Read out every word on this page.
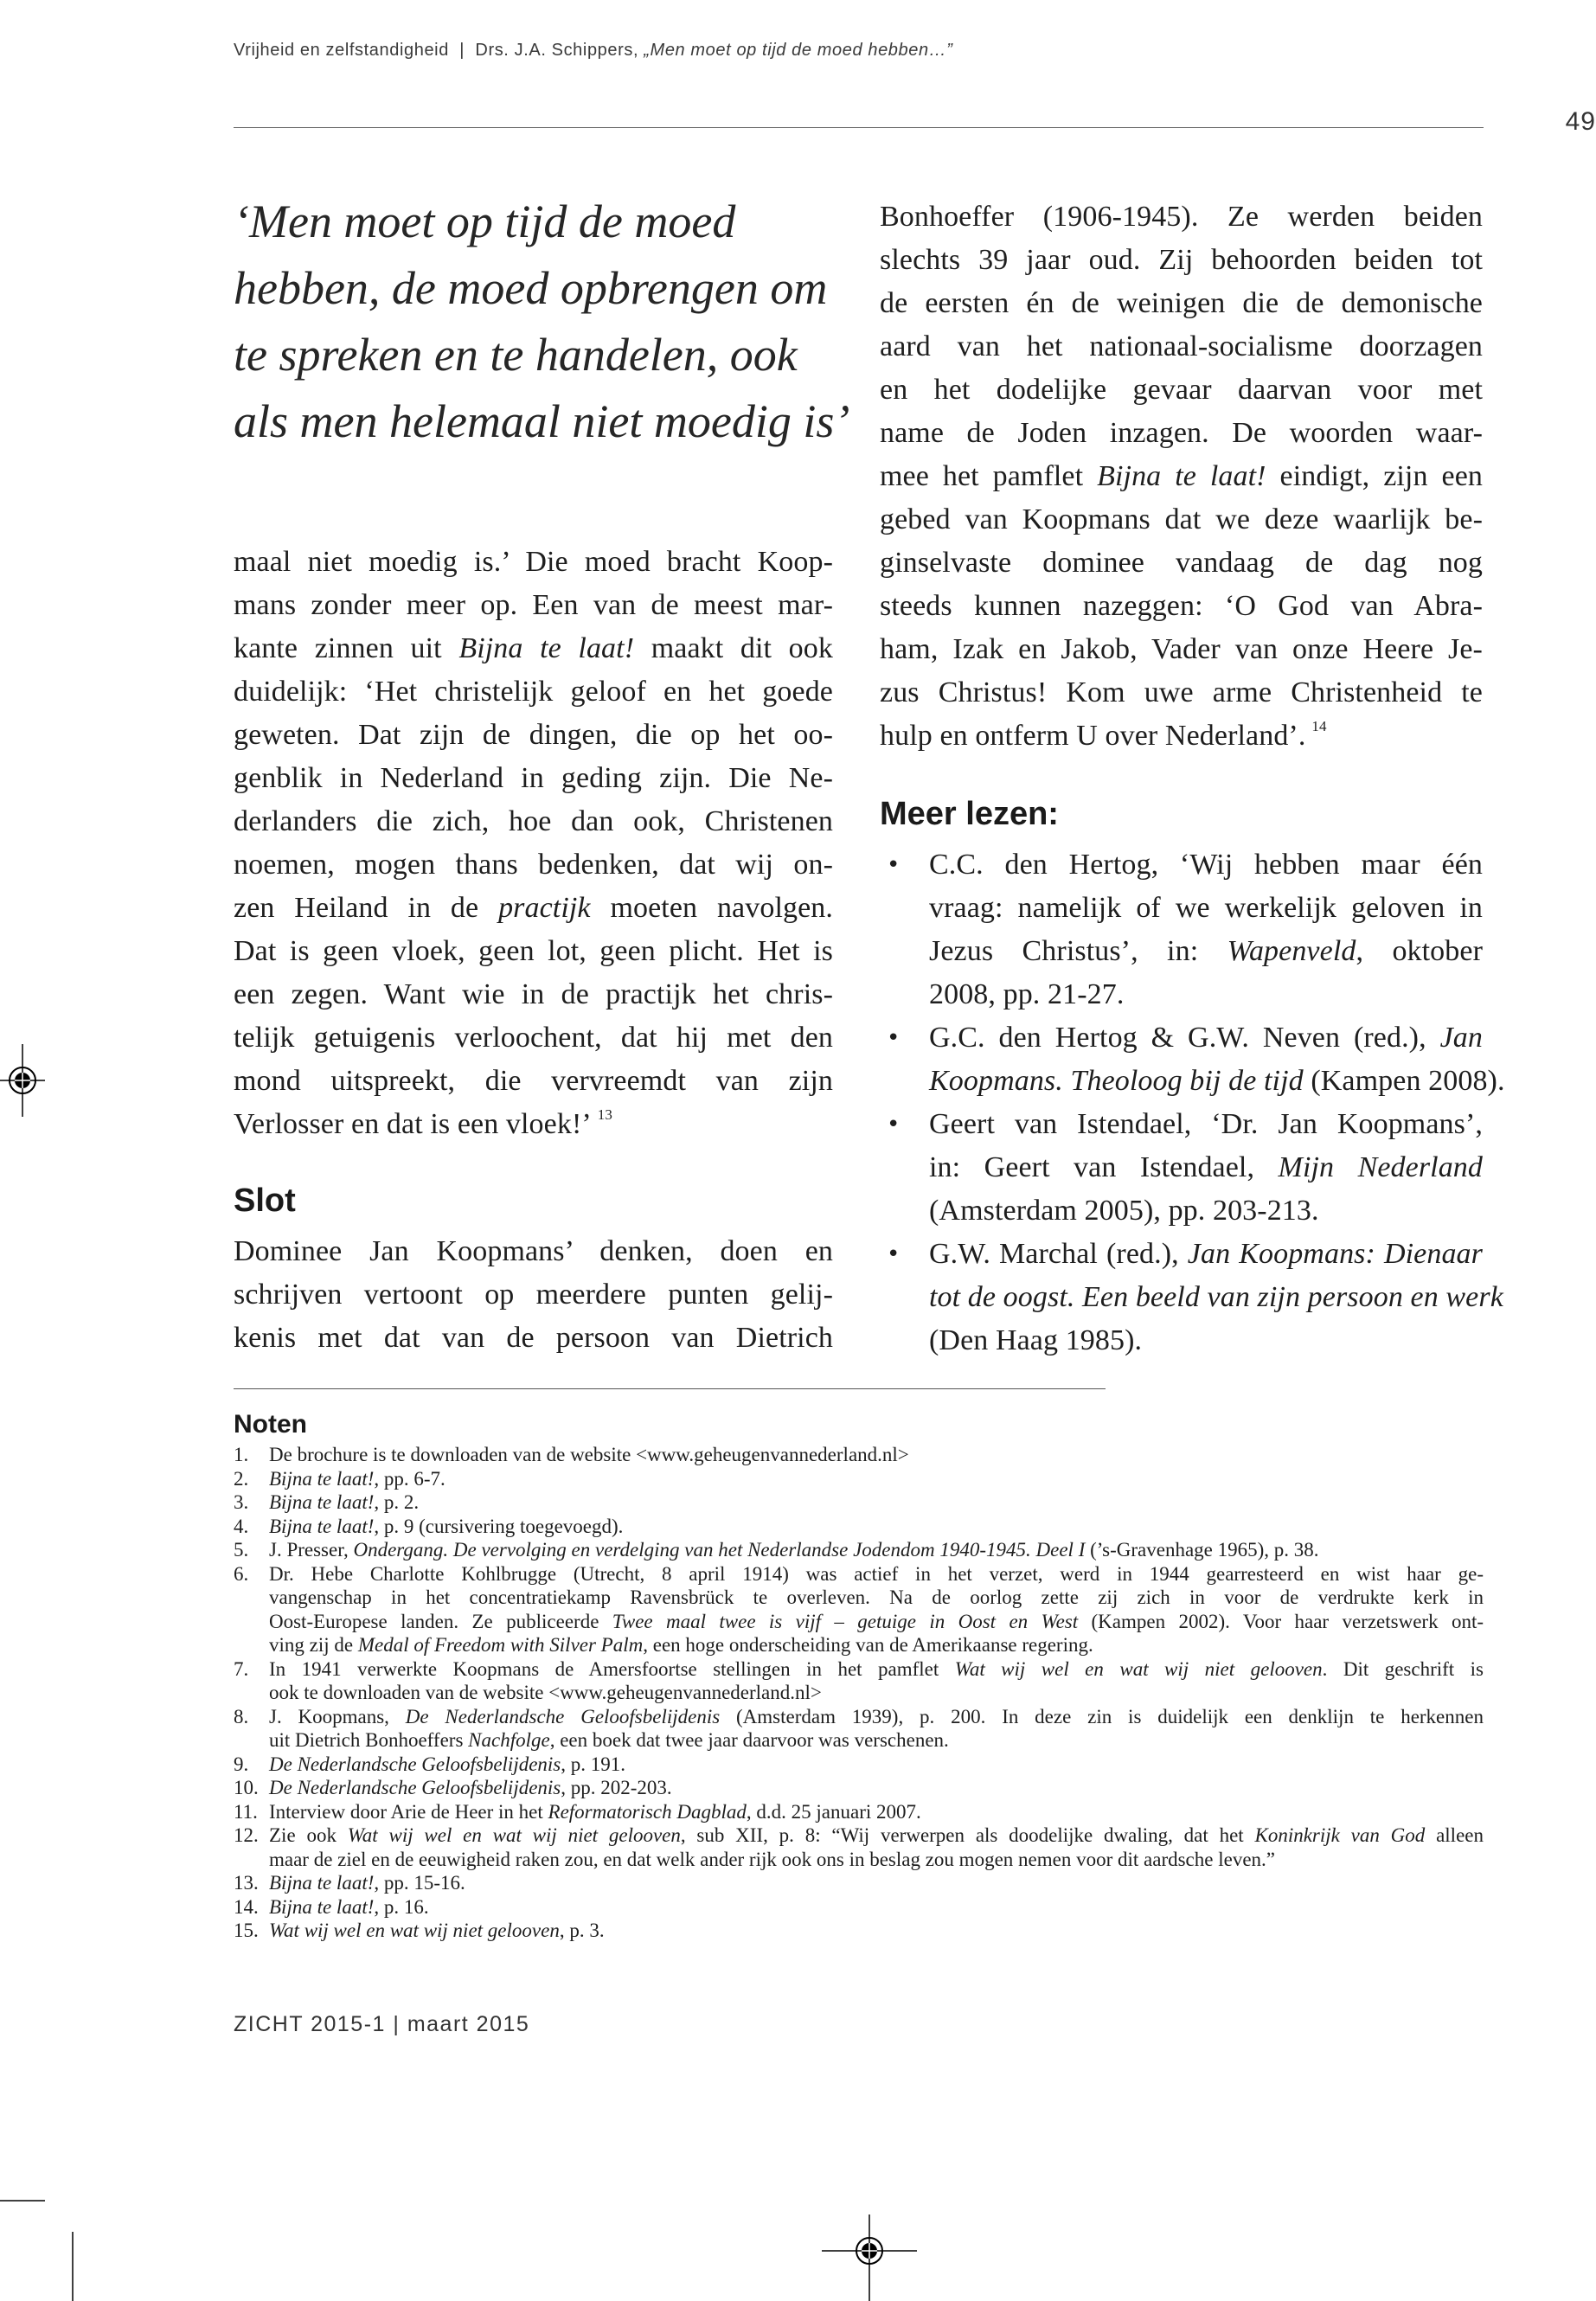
Vrijheid en zelfstandigheid | Drs. J.A. Schippers, „Men moet op tijd de moed hebben…”
49
‘Men moet op tijd de moed
hebben, de moed opbrengen om
te spreken en te handelen, ook
als men helemaal niet moedig is’
maal niet moedig is.’ Die moed bracht Koop-
mans zonder meer op. Een van de meest mar-
kante zinnen uit Bijna te laat! maakt dit ook
duidelijk: ‘Het christelijk geloof en het goede
geweten. Dat zijn de dingen, die op het oo-
genblik in Nederland in geding zijn. Die Ne-
derlanders die zich, hoe dan ook, Christenen
noemen, mogen thans bedenken, dat wij on-
zen Heiland in de practijk moeten navolgen.
Dat is geen vloek, geen lot, geen plicht. Het is
een zegen. Want wie in de practijk het chris-
telijk getuigenis verloochent, dat hij met den
mond uitspreekt, die vervreemdt van zijn
Verlosser en dat is een vloek!’  $^{13}$
Slot
Dominee Jan Koopmans’ denken, doen en
schrijven vertoont op meerdere punten gelij-
kenis met dat van de persoon van Dietrich
Bonhoeffer (1906-1945). Ze werden beiden
slechts 39 jaar oud. Zij behoorden beiden tot
de eersten én de weinigen die de demonische
aard van het nationaal-socialisme doorzagen
en het dodelijke gevaar daarvan voor met
name de Joden inzagen. De woorden waar-
mee het pamflet Bijna te laat! eindigt, zijn een
gebed van Koopmans dat we deze waarlijk be-
ginselvaste dominee vandaag de dag nog
steeds kunnen nazeggen: ‘O God van Abra-
ham, Izak en Jakob, Vader van onze Heere Je-
zus Christus! Kom uwe arme Christenheid te
hulp en ontferm U over Nederland’.  $^{14}$
Meer lezen:
• C.C. den Hertog, ‘Wij hebben maar één
vraag: namelijk of we werkelijk geloven in
Jezus Christus’, in: Wapenveld, oktober
2008, pp. 21-27.
• G.C. den Hertog & G.W. Neven (red.), Jan
Koopmans. Theoloog bij de tijd (Kampen 2008).
• Geert van Istendael, ‘Dr. Jan Koopmans’,
in: Geert van Istendael, Mijn Nederland
(Amsterdam 2005), pp. 203-213.
• G.W. Marchal (red.), Jan Koopmans: Dienaar
tot de oogst. Een beeld van zijn persoon en werk
(Den Haag 1985).
Noten
1. De brochure is te downloaden van de website <www.geheugenvannederland.nl>
2. Bijna te laat!, pp. 6-7.
3. Bijna te laat!, p. 2.
4. Bijna te laat!, p. 9 (cursivering toegevoegd).
5. J. Presser, Ondergang. De vervolging en verdelging van het Nederlandse Jodendom 1940-1945. Deel I (’s-Gravenhage 1965), p. 38.
6. Dr. Hebe Charlotte Kohlbrugge (Utrecht, 8 april 1914) was actief in het verzet, werd in 1944 gearresteerd en wist haar ge-
vangenschap in het concentratiekamp Ravensbrück te overleven. Na de oorlog zette zij zich in voor de verdrukte kerk in
Oost-Europese landen. Ze publiceerde Twee maal twee is vijf – getuige in Oost en West (Kampen 2002). Voor haar verzetswerk ont-
ving zij de Medal of Freedom with Silver Palm, een hoge onderscheiding van de Amerikaanse regering.
7. In 1941 verwerkte Koopmans de Amersfoortse stellingen in het pamflet Wat wij wel en wat wij niet gelooven. Dit geschrift is
ook te downloaden van de website <www.geheugenvannederland.nl>
8. J. Koopmans, De Nederlandsche Geloofsbelijdenis (Amsterdam 1939), p. 200. In deze zin is duidelijk een denklijn te herkennen
uit Dietrich Bonhoeffers Nachfolge, een boek dat twee jaar daarvoor was verschenen.
9. De Nederlandsche Geloofsbelijdenis, p. 191.
10. De Nederlandsche Geloofsbelijdenis, pp. 202-203.
11. Interview door Arie de Heer in het Reformatorisch Dagblad, d.d. 25 januari 2007.
12. Zie ook Wat wij wel en wat wij niet gelooven, sub XII, p. 8: “Wij verwerpen als doodelijke dwaling, dat het Koninkrijk van God alleen
maar de ziel en de eeuwigheid raken zou, en dat welk ander rijk ook ons in beslag zou mogen nemen voor dit aardsche leven.”
13. Bijna te laat!, pp. 15-16.
14. Bijna te laat!, p. 16.
15. Wat wij wel en wat wij niet gelooven, p. 3.
ZICHT 2015-1 | maart 2015
